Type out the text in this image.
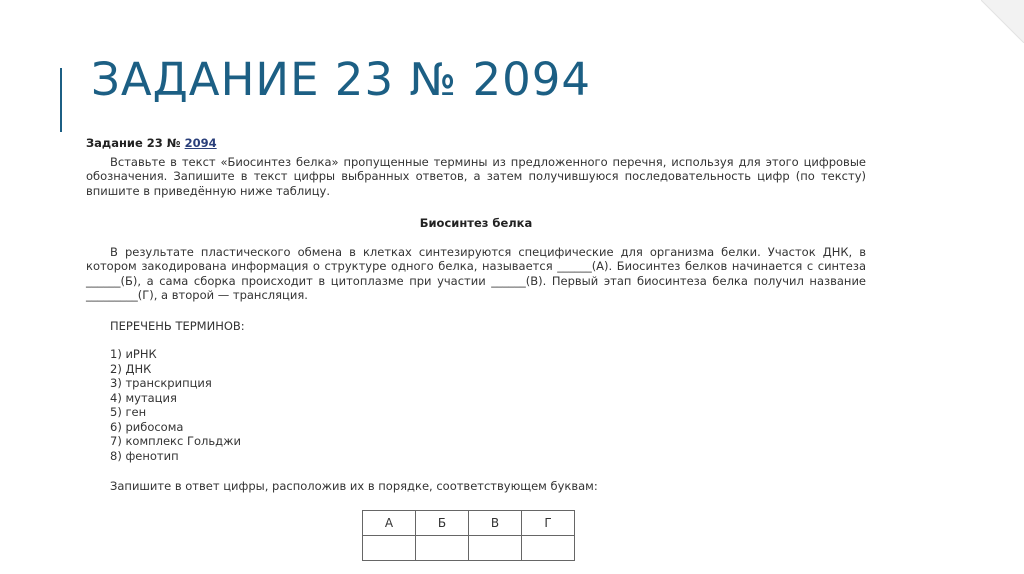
ЗАДАНИЕ 23 № 2094
Задание 23 № 2094

Вставьте в текст «Биосинтез белка» пропущенные термины из предложенного перечня, используя для этого цифровые обозначения. Запишите в текст цифры выбранных ответов, а затем получившуюся последовательность цифр (по тексту) впишите в приведённую ниже таблицу.

Биосинтез белка

В результате пластического обмена в клетках синтезируются специфические для организма белки. Участок ДНК, в котором закодирована информация о структуре одного белка, называется ______(А). Биосинтез белков начинается с синтеза ______(Б), а сама сборка происходит в цитоплазме при участии ______(В). Первый этап биосинтеза белка получил название _________(Г), а второй — трансляция.

ПЕРЕЧЕНЬ ТЕРМИНОВ:
1) иРНК
2) ДНК
3) транскрипция
4) мутация
5) ген
6) рибосома
7) комплекс Гольджи
8) фенотип
Запишите в ответ цифры, расположив их в порядке, соответствующем буквам:
А	Б	В	Г
